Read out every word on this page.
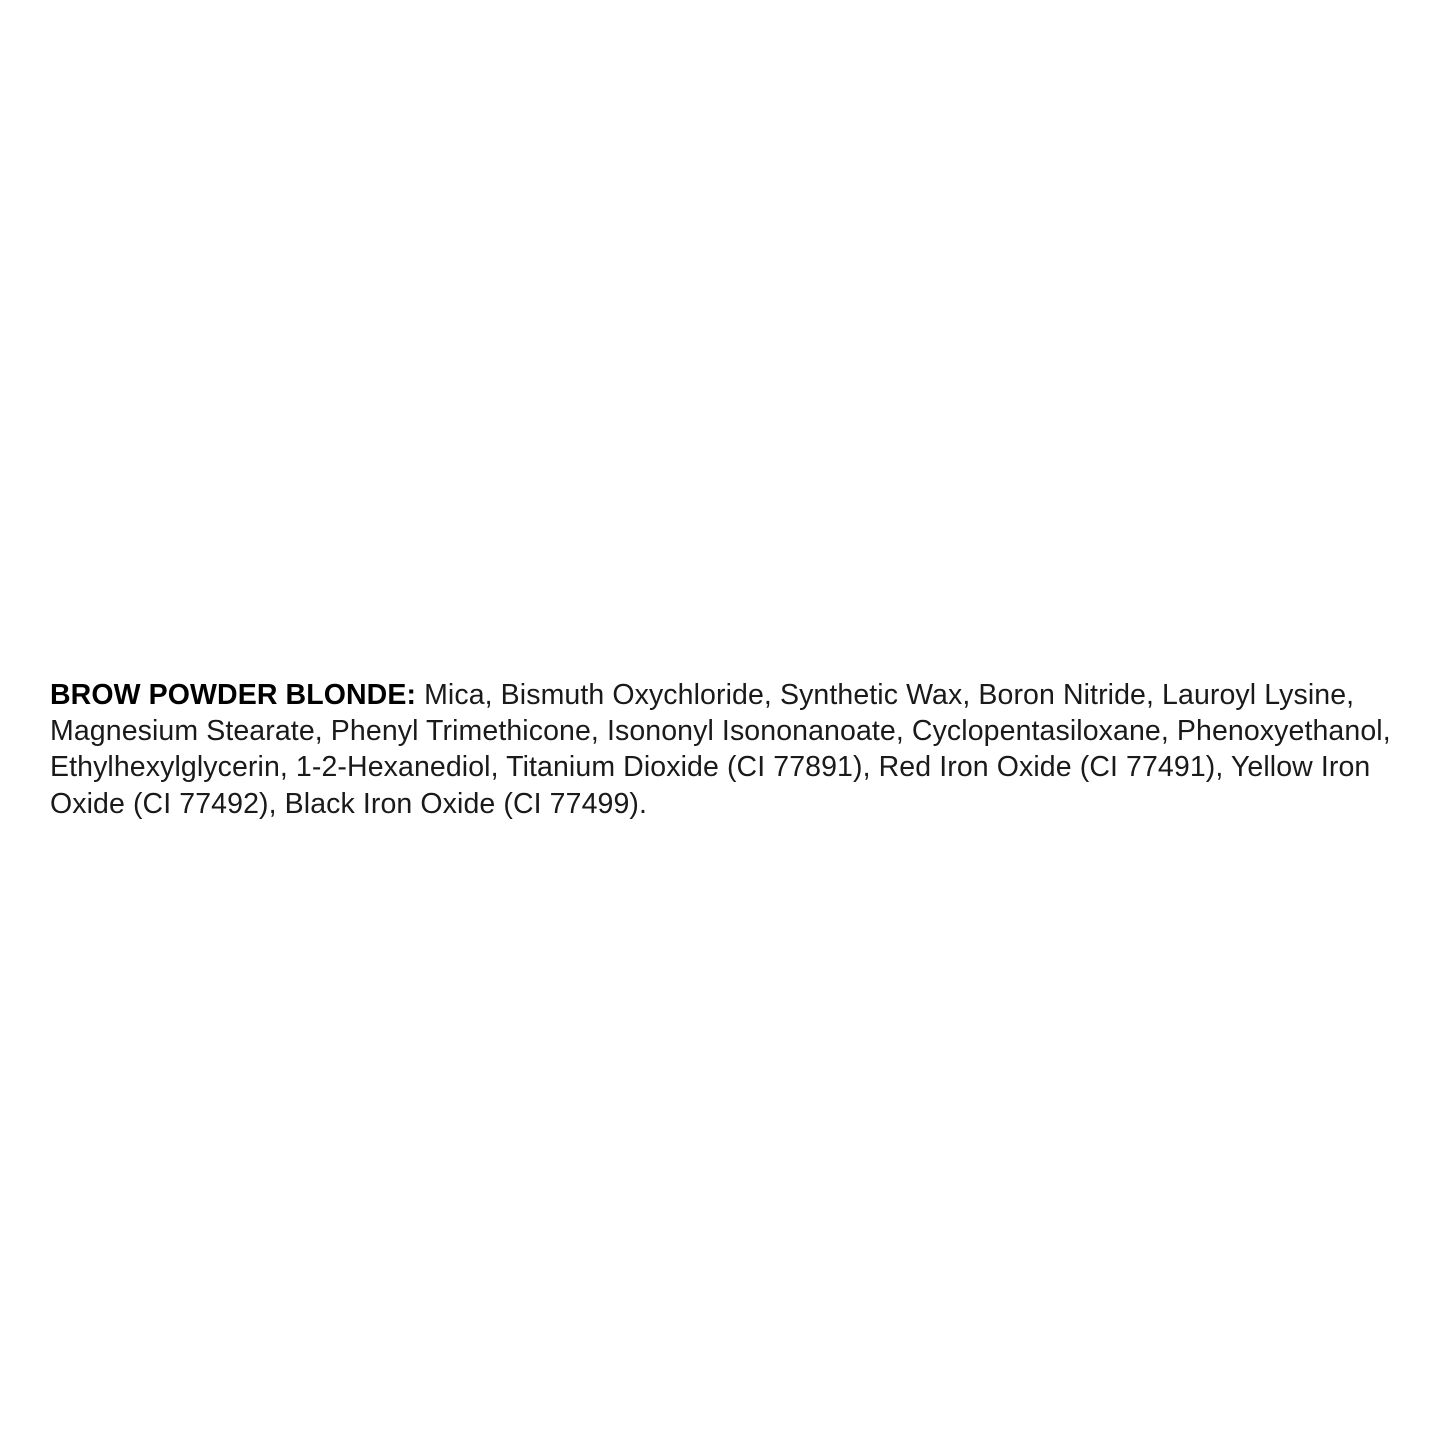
BROW POWDER BLONDE: Mica, Bismuth Oxychloride, Synthetic Wax, Boron Nitride, Lauroyl Lysine, Magnesium Stearate, Phenyl Trimethicone, Isononyl Isononanoate, Cyclopentasiloxane, Phenoxyethanol, Ethylhexylglycerin, 1-2-Hexanediol, Titanium Dioxide (CI 77891), Red Iron Oxide (CI 77491), Yellow Iron Oxide (CI 77492), Black Iron Oxide (CI 77499).
